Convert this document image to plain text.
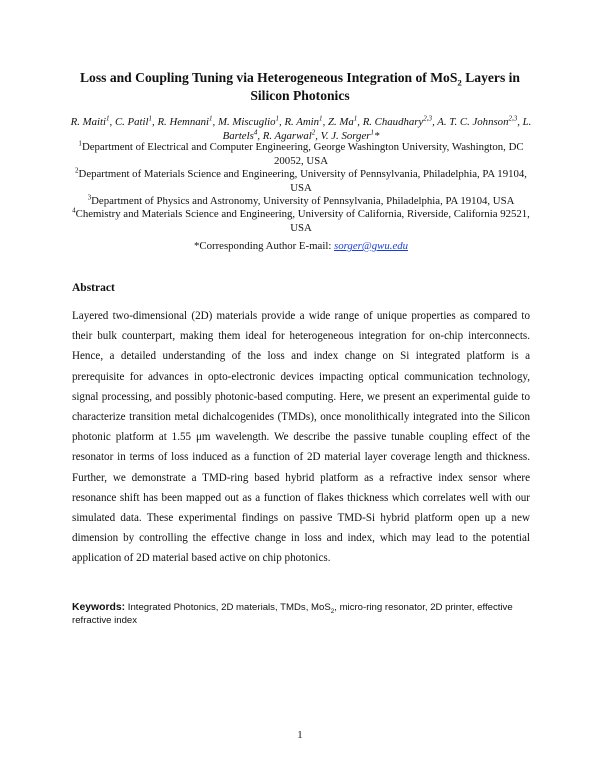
Loss and Coupling Tuning via Heterogeneous Integration of MoS$_2$ Layers in Silicon Photonics
R. Maiti$^1$, C. Patil$^1$, R. Hemnani$^1$, M. Miscuglio$^1$, R. Amin$^1$, Z. Ma$^1$, R. Chaudhary$^{2,3}$, A. T. C. Johnson$^{2,3}$, L. Bartels$^4$, R. Agarwal$^2$, V. J. Sorger$^1$*
$^1$Department of Electrical and Computer Engineering, George Washington University, Washington, DC 20052, USA
$^2$Department of Materials Science and Engineering, University of Pennsylvania, Philadelphia, PA 19104, USA
$^3$Department of Physics and Astronomy, University of Pennsylvania, Philadelphia, PA 19104, USA
$^4$Chemistry and Materials Science and Engineering, University of California, Riverside, California 92521, USA
*Corresponding Author E-mail: sorger@gwu.edu
Abstract
Layered two-dimensional (2D) materials provide a wide range of unique properties as compared to their bulk counterpart, making them ideal for heterogeneous integration for on-chip interconnects. Hence, a detailed understanding of the loss and index change on Si integrated platform is a prerequisite for advances in opto-electronic devices impacting optical communication technology, signal processing, and possibly photonic-based computing. Here, we present an experimental guide to characterize transition metal dichalcogenides (TMDs), once monolithically integrated into the Silicon photonic platform at 1.55 μm wavelength. We describe the passive tunable coupling effect of the resonator in terms of loss induced as a function of 2D material layer coverage length and thickness. Further, we demonstrate a TMD-ring based hybrid platform as a refractive index sensor where resonance shift has been mapped out as a function of flakes thickness which correlates well with our simulated data. These experimental findings on passive TMD-Si hybrid platform open up a new dimension by controlling the effective change in loss and index, which may lead to the potential application of 2D material based active on chip photonics.
Keywords: Integrated Photonics, 2D materials, TMDs, MoS$_2$, micro-ring resonator, 2D printer, effective refractive index
1
